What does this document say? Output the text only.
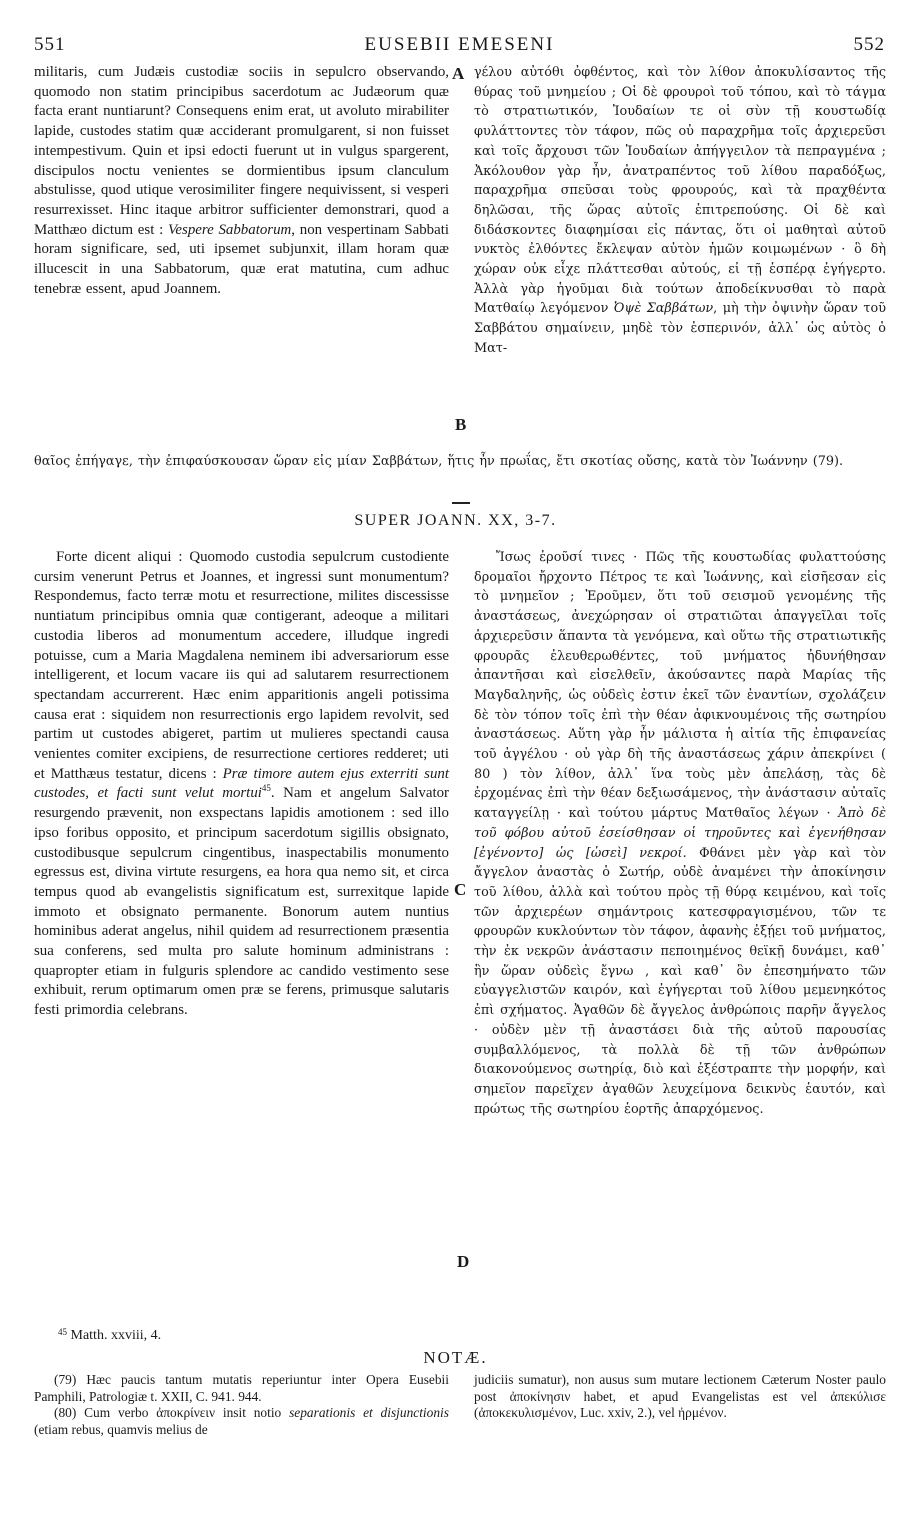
551	EUSEBII EMESENI	552

militaris, cum Judæis custodiæ sociis in sepulcro observando, quomodo non statim principibus sacerdotum ac Judæorum quæ facta erant nuntiarunt? Consequens enim erat, ut avoluto mirabiliter lapide, custodes statim quæ acciderant promulgarent, si non fuisset intempestivum. Quin et ipsi edocti fuerunt ut in vulgus spargerent, discipulos noctu venientes se dormientibus ipsum clanculum abstulisse, quod utique verosimiliter fingere nequivissent, si vesperi resurrexisset. Hinc itaque arbitror sufficienter demonstrari, quod a Matthæo dictum est : Vespere Sabbatorum, non vespertinam Sabbati horam significare, sed, uti ipsemet subjunxit, illam horam quæ illucescit in una Sabbatorum, quæ erat matutina, cum adhuc tenebræ essent, apud Joannem.

A γέλου αὐτόθι ὀφθέντος, καὶ τὸν λίθον ἀποκυλίσαντος τῆς θύρας τοῦ μνημείου ; Οἱ δὲ φρουροὶ τοῦ τόπου, καὶ τὸ τάγμα τὸ στρατιωτικόν, Ἰουδαίων τε οἱ σὺν τῇ κουστωδίᾳ φυλάττοντες τὸν τάφον, πῶς οὐ παραχρῆμα τοῖς ἀρχιερεῦσι καὶ τοῖς ἄρχουσι τῶν Ἰουδαίων ἀπήγγειλον τὰ πεπραγμένα ; Ἀκόλουθον γὰρ ἦν, ἀνατραπέντος τοῦ λίθου παραδόξως, παραχρῆμα σπεῦσαι τοὺς φρουρούς, καὶ τὰ πραχθέντα δηλῶσαι, τῆς ὥρας αὐτοῖς ἐπιτρεπούσης. Οἱ δὲ καὶ διδάσκοντες διαφημίσαι εἰς πάντας, ὅτι οἱ μαθηταὶ αὐτοῦ νυκτὸς ἐλθόντες ἔκλεψαν αὐτὸν ἡμῶν κοιμωμένων · ὃ δὴ χώραν οὐκ εἶχε πλάττεσθαι αὐτούς, εἰ τῇ ἑσπέρᾳ ἐγήγερτο. Ἀλλὰ γὰρ ἡγοῦμαι διὰ τούτων ἀποδείκνυσθαι τὸ παρὰ Ματθαίῳ λεγόμενον Ὀψὲ Σαββάτων, μὴ τὴν ὀψινὴν ὥραν τοῦ Σαββάτου σημαίνειν, μηδὲ τὸν ἑσπερινόν, ἀλλ᾽ ὡς αὐτὸς ὁ Ματ-

B

θαῖος ἐπήγαγε, τὴν ἐπιφαύσκουσαν ὥραν εἰς μίαν Σαββάτων, ἥτις ἦν πρωΐας, ἔτι σκοτίας οὔσης, κατὰ τὸν Ἰωάννην (79).

SUPER JOANN. XX, 3-7.

Forte dicent aliqui : Quomodo custodia sepulcrum custodiente cursim venerunt Petrus et Joannes, et ingressi sunt monumentum? Respondemus, facto terræ motu et resurrectione, milites discessisse nuntiatum principibus omnia quæ contigerant, adeoque a militari custodia liberos ad monumentum accedere, illudque ingredi potuisse, cum a Maria Magdalena neminem ibi adversariorum esse intelligerent, et locum vacare iis qui ad salutarem resurrectionem spectandam accurrerent. Hæc enim apparitionis angeli potissima causa erat : siquidem non resurrectionis ergo lapidem revolvit, sed partim ut custodes abigeret, partim ut mulieres spectandi causa venientes comiter excipiens, de resurrectione certiores redderet; uti et Matthæus testatur, dicens : Præ timore autem ejus exterriti sunt custodes, et facti sunt velut mortui$^{45}$. Nam et angelum Salvator resurgendo prævenit, non exspectans lapidis amotionem : sed illo ipso foribus opposito, et principum sacerdotum sigillis obsignato, custodibusque sepulcrum cingentibus, inaspectabilis monumento egressus est, divina virtute resurgens, ea hora qua nemo sit, et circa tempus quod ab evangelistis significatum est, surrexitque lapide immoto et obsignato permanente. Bonorum autem nuntius hominibus aderat angelus, nihil quidem ad resurrectionem præsentia sua conferens, sed multa pro salute hominum administrans : quapropter etiam in fulguris splendore ac candido vestimento sese exhibuit, rerum optimarum omen præ se ferens, primusque salutaris festi primordia celebrans.

C
D

Ἴσως ἐροῦσί τινες · Πῶς τῆς κουστωδίας φυλαττούσης δρομαῖοι ἤρχοντο Πέτρος τε καὶ Ἰωάννης, καὶ εἰσῆεσαν εἰς τὸ μνημεῖον ; Ἐροῦμεν, ὅτι τοῦ σεισμοῦ γενομένης τῆς ἀναστάσεως, ἀνεχώρησαν οἱ στρατιῶται ἀπαγγεῖλαι τοῖς ἀρχιερεῦσιν ἅπαντα τὰ γενόμενα, καὶ οὕτω τῆς στρατιωτικῆς φρουρᾶς ἐλευθερωθέντες, τοῦ μνήματος ἠδυνήθησαν ἀπαντῆσαι καὶ εἰσελθεῖν, ἀκούσαντες παρὰ Μαρίας τῆς Μαγδαληνῆς, ὡς οὐδεὶς ἐστιν ἐκεῖ τῶν ἐναντίων, σχολάζειν δὲ τὸν τόπον τοῖς ἐπὶ τὴν θέαν ἀφικνουμένοις τῆς σωτηρίου ἀναστάσεως. Αὕτη γὰρ ἦν μάλιστα ἡ αἰτία τῆς ἐπιφανείας τοῦ ἀγγέλου · οὐ γὰρ δὴ τῆς ἀναστάσεως χάριν ἀπεκρίνει ( 80 ) τὸν λίθον, ἀλλ᾽ ἵνα τοὺς μὲν ἀπελάσῃ, τὰς δὲ ἐρχομένας ἐπὶ τὴν θέαν δεξιωσάμενος, τὴν ἀνάστασιν αὐταῖς καταγγείλῃ · καὶ τούτου μάρτυς Ματθαῖος λέγων · Ἀπὸ δὲ τοῦ φόβου αὐτοῦ ἐσείσθησαν οἱ τηροῦντες καὶ ἐγενήθησαν [ἐγένοντο] ὡς [ὡσεὶ] νεκροί. Φθάνει μὲν γὰρ καὶ τὸν ἄγγελον ἀναστὰς ὁ Σωτήρ, οὐδὲ ἀναμένει τὴν ἀποκίνησιν τοῦ λίθου, ἀλλὰ καὶ τούτου πρὸς τῇ θύρᾳ κειμένου, καὶ τοῖς τῶν ἀρχιερέων σημάντροις κατεσφραγισμένου, τῶν τε φρουρῶν κυκλούντων τὸν τάφον, ἀφανὴς ἐξῄει τοῦ μνήματος, τὴν ἐκ νεκρῶν ἀνάστασιν πεποιημένος θεϊκῇ δυνάμει, καθ᾽ ἣν ὥραν οὐδεὶς ἔγνω , καὶ καθ᾽ ὃν ἐπεσημήνατο τῶν εὐαγγελιστῶν καιρόν, καὶ ἐγήγερται τοῦ λίθου μεμενηκότος ἐπὶ σχήματος. Ἀγαθῶν δὲ ἄγγελος ἀνθρώποις παρῆν ἄγγελος · οὐδὲν μὲν τῇ ἀναστάσει διὰ τῆς αὐτοῦ παρουσίας συμβαλλόμενος, τὰ πολλὰ δὲ τῇ τῶν ἀνθρώπων διακονούμενος σωτηρίᾳ, διὸ καὶ ἐξέστραπτε τὴν μορφήν, καὶ σημεῖον παρεῖχεν ἀγαθῶν λευχείμονα δεικνὺς ἑαυτόν, καὶ πρώτως τῆς σωτηρίου ἑορτῆς ἀπαρχόμενος.

$^{45}$ Matth. xxviii, 4.
NOTÆ.

(79) Hæc paucis tantum mutatis reperiuntur inter Opera Eusebii Pamphili, Patrologiæ t. XXII, C. 941. 944.

(80) Cum verbo ἀποκρίνειν insit notio separationis et disjunctionis (etiam rebus, quamvis melius de

judiciis sumatur), non ausus sum mutare lectionem Cæterum Noster paulo post ἀποκίνησιν habet, et apud Evangelistas est vel ἀπεκύλισε (ἀποκεκυλισμένον, Luc. xxiv, 2.), vel ἠρμένον.
